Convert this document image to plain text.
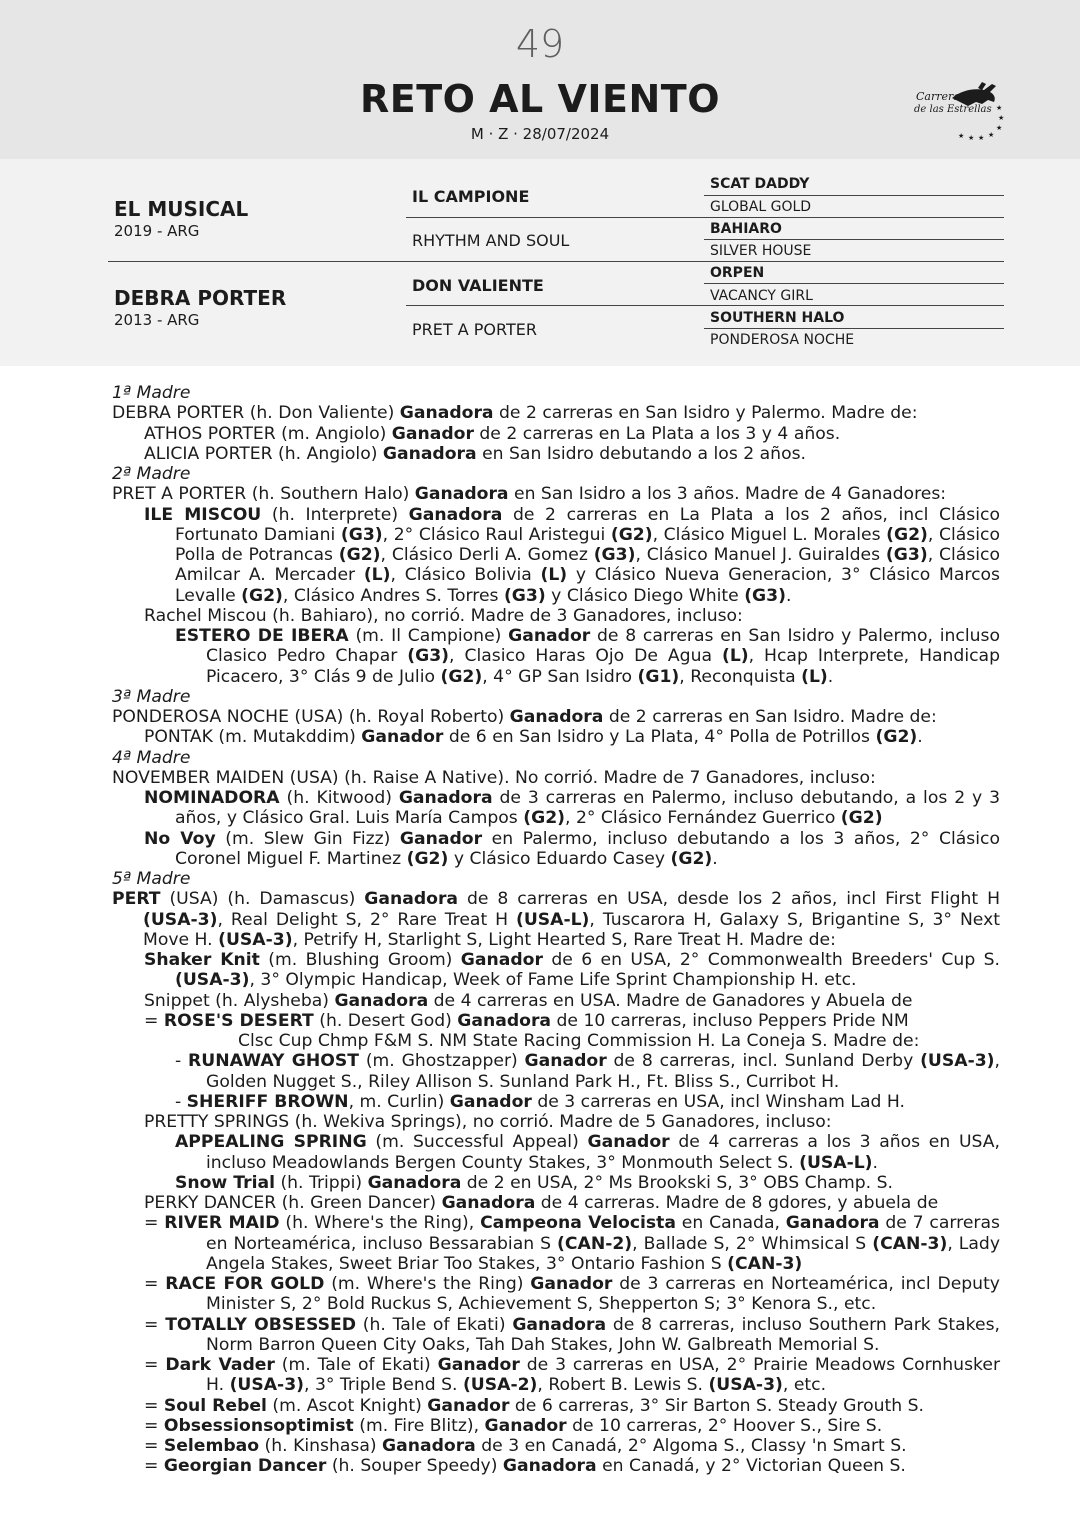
49
RETO AL VIENTO
M · Z · 28/07/2024
★
★
★
★
★
★
★
Carreras
de las Estrellas
EL MUSICAL
2019 - ARG
DEBRA PORTER
2013 - ARG
IL CAMPIONE
RHYTHM AND SOUL
DON VALIENTE
PRET A PORTER
SCAT DADDY
GLOBAL GOLD
BAHIARO
SILVER HOUSE
ORPEN
VACANCY GIRL
SOUTHERN HALO
PONDEROSA NOCHE

1ª Madre

DEBRA PORTER (h. Don Valiente) Ganadora de 2 carreras en San Isidro y Palermo. Madre de:

ATHOS PORTER (m. Angiolo) Ganador de 2 carreras en La Plata a los 3 y 4 años.

ALICIA PORTER (h. Angiolo) Ganadora en San Isidro debutando a los 2 años.

2ª Madre

PRET A PORTER (h. Southern Halo) Ganadora en San Isidro a los 3 años. Madre de 4 Ganadores:

ILE MISCOU (h. Interprete) Ganadora de 2 carreras en La Plata a los 2 años, incl Clásico Fortunato Damiani (G3), 2° Clásico Raul Aristegui (G2), Clásico Miguel L. Morales (G2), Clásico Polla de Potrancas (G2), Clásico Derli A. Gomez (G3), Clásico Manuel J. Guiraldes (G3), Clásico Amilcar A. Mercader (L), Clásico Bolivia (L) y Clásico Nueva Generacion, 3° Clásico Marcos Levalle (G2), Clásico Andres S. Torres (G3) y Clásico Diego White (G3).

Rachel Miscou (h. Bahiaro), no corrió. Madre de 3 Ganadores, incluso:

ESTERO DE IBERA (m. Il Campione) Ganador de 8 carreras en San Isidro y Palermo, incluso Clasico Pedro Chapar (G3), Clasico Haras Ojo De Agua (L), Hcap Interprete, Handicap Picacero, 3° Clás 9 de Julio (G2), 4° GP San Isidro (G1), Reconquista (L).

3ª Madre

PONDEROSA NOCHE (USA) (h. Royal Roberto) Ganadora de 2 carreras en San Isidro. Madre de:

PONTAK (m. Mutakddim) Ganador de 6 en San Isidro y La Plata, 4° Polla de Potrillos (G2).

4ª Madre

NOVEMBER MAIDEN (USA) (h. Raise A Native). No corrió. Madre de 7 Ganadores, incluso:

NOMINADORA (h. Kitwood) Ganadora de 3 carreras en Palermo, incluso debutando, a los 2 y 3 años, y Clásico Gral. Luis María Campos (G2), 2° Clásico Fernández Guerrico (G2)

No Voy (m. Slew Gin Fizz) Ganador en Palermo, incluso debutando a los 3 años, 2° Clásico Coronel Miguel F. Martinez (G2) y Clásico Eduardo Casey (G2).

5ª Madre

PERT (USA) (h. Damascus) Ganadora de 8 carreras en USA, desde los 2 años, incl First Flight H (USA-3), Real Delight S, 2° Rare Treat H (USA-L), Tuscarora H, Galaxy S, Brigantine S, 3° Next Move H. (USA-3), Petrify H, Starlight S, Light Hearted S, Rare Treat H. Madre de:

Shaker Knit (m. Blushing Groom) Ganador de 6 en USA, 2° Commonwealth Breeders' Cup S. (USA-3), 3° Olympic Handicap, Week of Fame Life Sprint Championship H. etc.

Snippet (h. Alysheba) Ganadora de 4 carreras en USA. Madre de Ganadores y Abuela de

= ROSE'S DESERT (h. Desert God) Ganadora de 10 carreras, incluso Peppers Pride NM

Clsc Cup Chmp F&M S. NM State Racing Commission H. La Coneja S. Madre de:

- RUNAWAY GHOST (m. Ghostzapper) Ganador de 8 carreras, incl. Sunland Derby (USA-3), Golden Nugget S., Riley Allison S. Sunland Park H., Ft. Bliss S., Curribot H.

- SHERIFF BROWN, m. Curlin) Ganador de 3 carreras en USA, incl Winsham Lad H.

PRETTY SPRINGS (h. Wekiva Springs), no corrió. Madre de 5 Ganadores, incluso:

APPEALING SPRING (m. Successful Appeal) Ganador de 4 carreras a los 3 años en USA, incluso Meadowlands Bergen County Stakes, 3° Monmouth Select S. (USA-L).

Snow Trial (h. Trippi) Ganadora de 2 en USA, 2° Ms Brookski S, 3° OBS Champ. S.

PERKY DANCER (h. Green Dancer) Ganadora de 4 carreras. Madre de 8 gdores, y abuela de

= RIVER MAID (h. Where's the Ring), Campeona Velocista en Canada, Ganadora de 7 carreras en Norteamérica, incluso Bessarabian S (CAN-2), Ballade S, 2° Whimsical S (CAN-3), Lady Angela Stakes, Sweet Briar Too Stakes, 3° Ontario Fashion S (CAN-3)

= RACE FOR GOLD (m. Where's the Ring) Ganador de 3 carreras en Norteamérica, incl Deputy Minister S, 2° Bold Ruckus S, Achievement S, Shepperton S; 3° Kenora S., etc.

= TOTALLY OBSESSED (h. Tale of Ekati) Ganadora de 8 carreras, incluso Southern Park Stakes, Norm Barron Queen City Oaks, Tah Dah Stakes, John W. Galbreath Memorial S.

= Dark Vader (m. Tale of Ekati) Ganador de 3 carreras en USA, 2° Prairie Meadows Cornhusker H. (USA-3), 3° Triple Bend S. (USA-2), Robert B. Lewis S. (USA-3), etc.

= Soul Rebel (m. Ascot Knight) Ganador de 6 carreras, 3° Sir Barton S. Steady Grouth S.

= Obsessionsoptimist (m. Fire Blitz), Ganador de 10 carreras, 2° Hoover S., Sire S.

= Selembao (h. Kinshasa) Ganadora de 3 en Canadá, 2° Algoma S., Classy 'n Smart S.

= Georgian Dancer (h. Souper Speedy) Ganadora en Canadá, y 2° Victorian Queen S.
